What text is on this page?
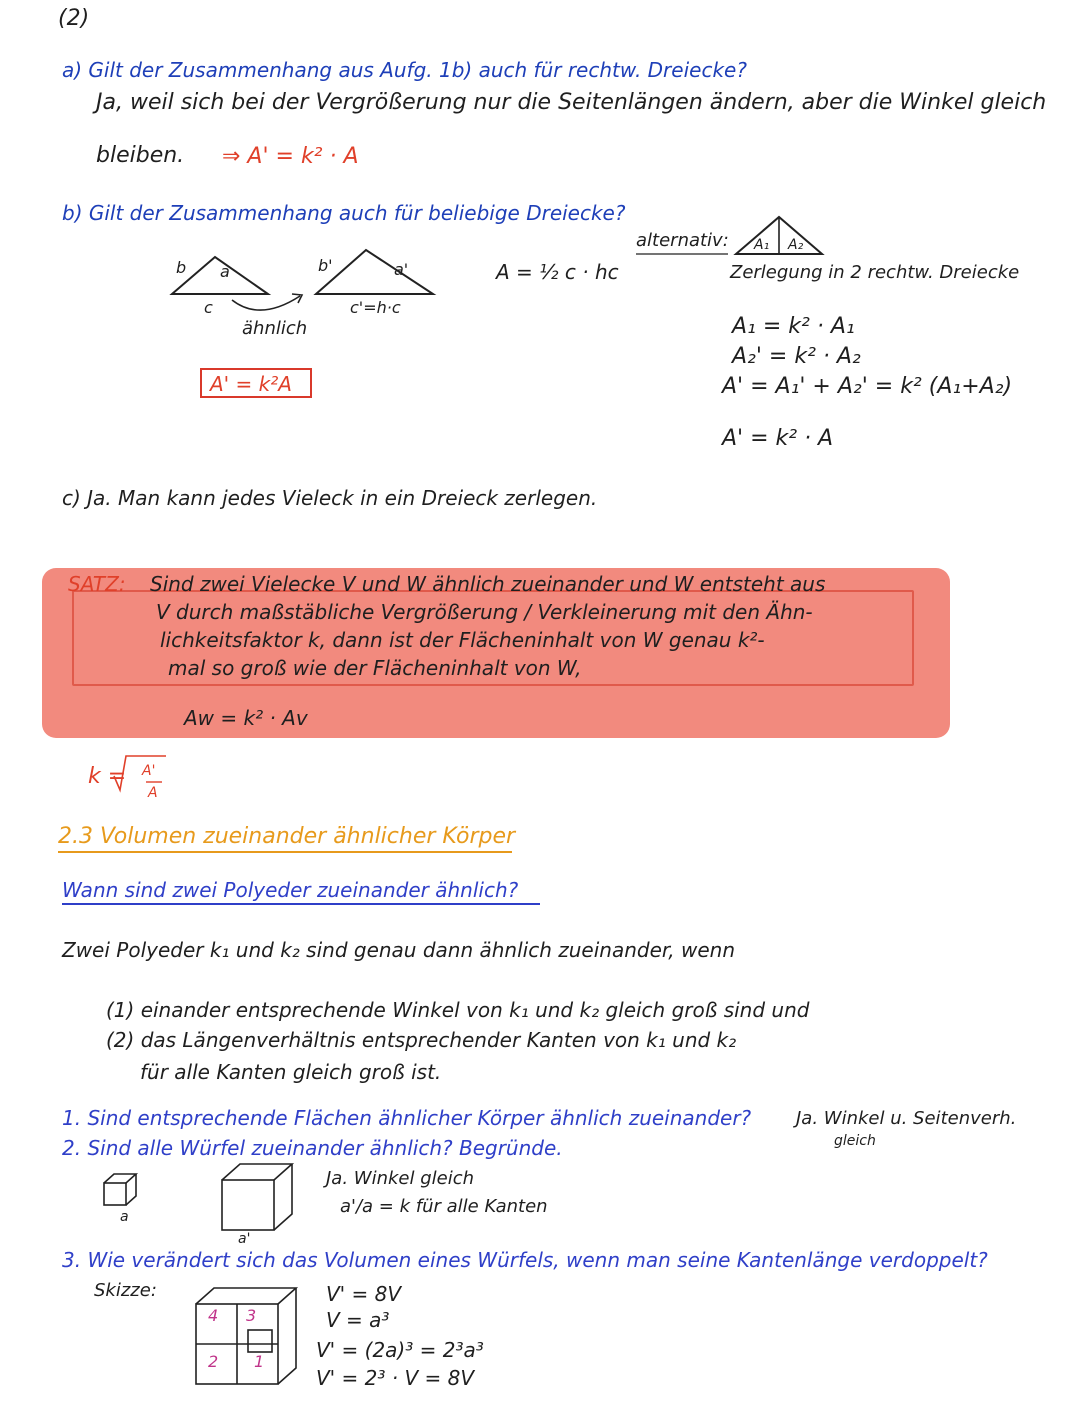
(2)
a) Gilt der Zusammenhang aus Aufg. 1b) auch für rechtw. Dreiecke?
Ja, weil sich bei der Vergrößerung nur die Seitenlängen ändern, aber die Winkel gleich
bleiben. ⇒ A' = k² · A
b) Gilt der Zusammenhang auch für beliebige Dreiecke?
b a
c
b'	a'
c'=h·c
ähnlich
A = ½ c · hc
A' = k²A
alternativ: A₁ A₂
Zerlegung in 2 rechtw. Dreiecke
A₁ = k² · A₁
A₂' = k² · A₂
A' = A₁' + A₂' = k² (A₁+A₂)
A' = k² · A
c) Ja. Man kann jedes Vieleck in ein Dreieck zerlegen.
SATZ: Sind zwei Vielecke V und W ähnlich zueinander und W entsteht aus
V durch maßstäbliche Vergrößerung / Verkleinerung mit den Ähn-
lichkeitsfaktor k, dann ist der Flächeninhalt von W genau k²-
mal so groß wie der Flächeninhalt von W,
Aw = k² · Av
k = A'
A
2.3 Volumen zueinander ähnlicher Körper
Wann sind zwei Polyeder zueinander ähnlich?
Zwei Polyeder k₁ und k₂ sind genau dann ähnlich zueinander, wenn
(1) einander entsprechende Winkel von k₁ und k₂ gleich groß sind und
(2) das Längenverhältnis entsprechender Kanten von k₁ und k₂
für alle Kanten gleich groß ist.
1. Sind entsprechende Flächen ähnlicher Körper ähnlich zueinander? Ja. Winkel u. Seitenverh.
gleich
2. Sind alle Würfel zueinander ähnlich? Begründe.
Ja. Winkel gleich
a'/a = k für alle Kanten
a
a'
3. Wie verändert sich das Volumen eines Würfels, wenn man seine Kantenlänge verdoppelt?
Skizze:
4 3
2 1
V' = 8V
V = a³
V' = (2a)³ = 2³a³
V' = 2³ · V = 8V
